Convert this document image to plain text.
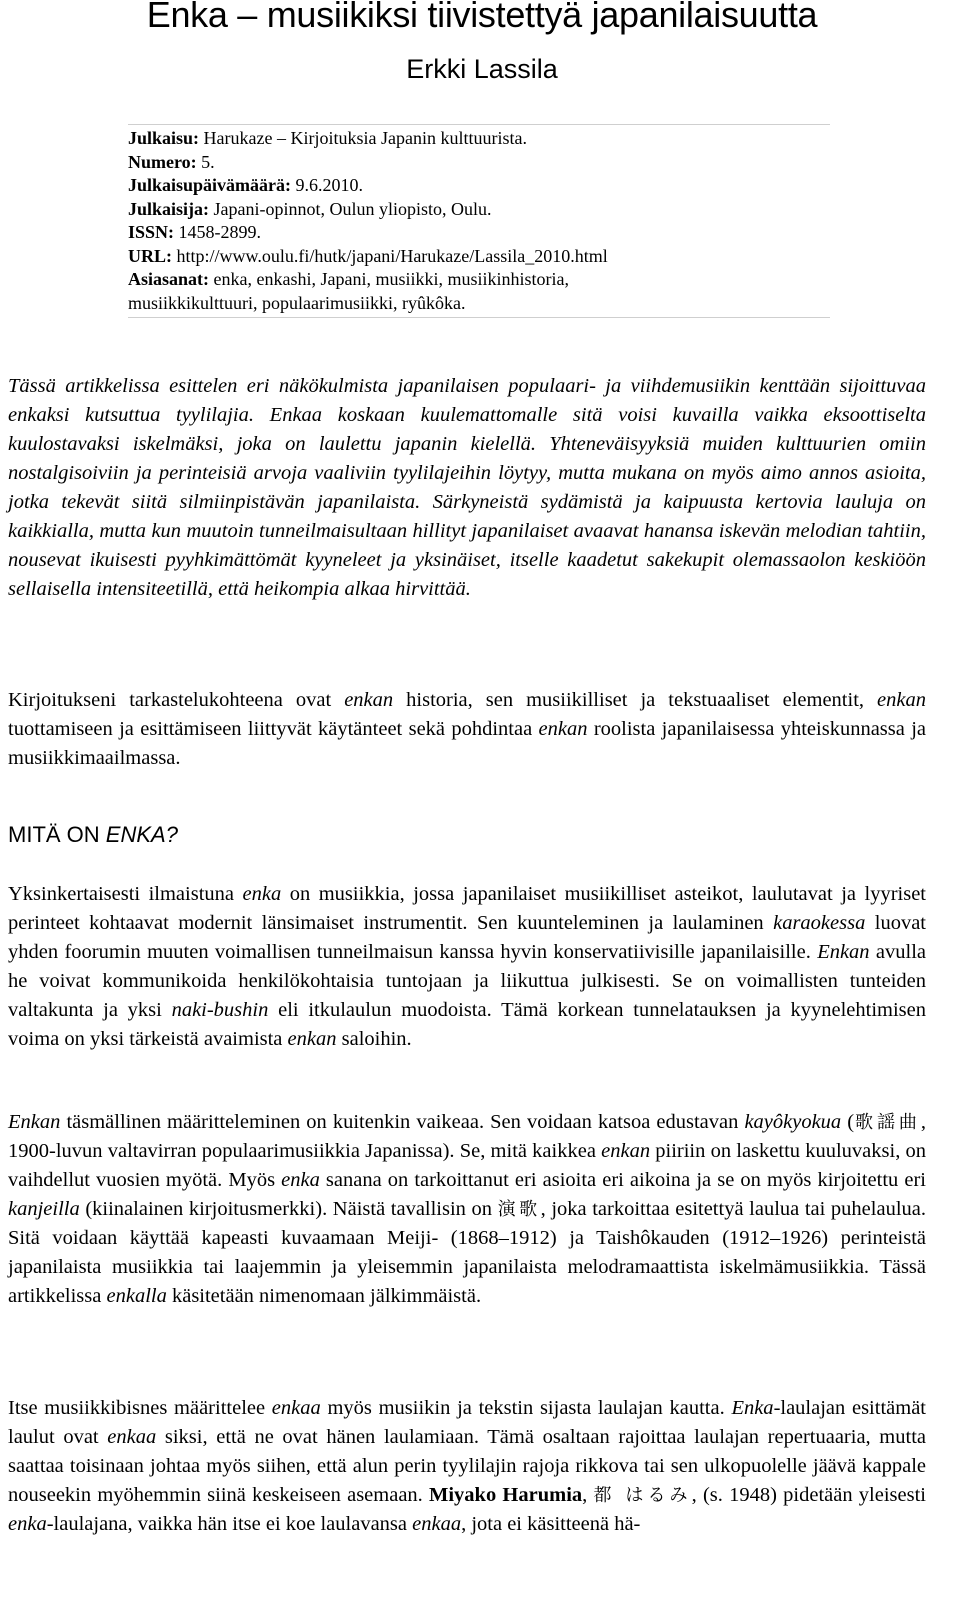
Enka – musiikiksi tiivistettyä japanilaisuutta
Erkki Lassila
Julkaisu: Harukaze – Kirjoituksia Japanin kulttuurista.
Numero: 5.
Julkaisupäivämäärä: 9.6.2010.
Julkaisija: Japani-opinnot, Oulun yliopisto, Oulu.
ISSN: 1458-2899.
URL: http://www.oulu.fi/hutk/japani/Harukaze/Lassila_2010.html
Asiasanat: enka, enkashi, Japani, musiikki, musiikinhistoria,
musiikkikulttuuri, populaarimusiikki, ryûkôka.

Tässä artikkelissa esittelen eri näkökulmista japanilaisen populaari- ja viihdemusiikin kenttään sijoittuvaa enkaksi kutsuttua tyylilajia. Enkaa koskaan kuulemattomalle sitä voisi kuvailla vaikka eksoottiselta kuulostavaksi iskelmäksi, joka on laulettu japanin kielellä. Yhteneväisyyksiä muiden kulttuurien omiin nostalgisoiviin ja perinteisiä arvoja vaaliviin tyylilajeihin löytyy, mutta mukana on myös aimo annos asioita, jotka tekevät siitä silmiinpistävän japanilaista. Särkyneistä sydämistä ja kaipuusta kertovia lauluja on kaikkialla, mutta kun muutoin tunneilmaisultaan hillityt japanilaiset avaavat hanansa iskevän melodian tahtiin, nousevat ikuisesti pyyhkimättömät kyyneleet ja yksinäiset, itselle kaadetut sakekupit olemassaolon keskiöön sellaisella intensiteetillä, että heikompia alkaa hirvittää.

Kirjoitukseni tarkastelukohteena ovat enkan historia, sen musiikilliset ja tekstuaaliset elementit, enkan tuottamiseen ja esittämiseen liittyvät käytänteet sekä pohdintaa enkan roolista japanilaisessa yhteiskunnassa ja musiikkimaailmassa.

MITÄ ON ENKA?

Yksinkertaisesti ilmaistuna enka on musiikkia, jossa japanilaiset musiikilliset asteikot, laulutavat ja lyyriset perinteet kohtaavat modernit länsimaiset instrumentit. Sen kuunteleminen ja laulaminen karaokessa luovat yhden foorumin muuten voimallisen tunneilmaisun kanssa hyvin konservatiivisille japanilaisille. Enkan avulla he voivat kommunikoida henkilökohtaisia tuntojaan ja liikuttua julkisesti. Se on voimallisten tunteiden valtakunta ja yksi naki-bushin eli itkulaulun muodoista. Tämä korkean tunnelatauksen ja kyynelehtimisen voima on yksi tärkeistä avaimista enkan saloihin.

Enkan täsmällinen määritteleminen on kuitenkin vaikeaa. Sen voidaan katsoa edustavan kayôkyokua (歌謡曲, 1900-luvun valtavirran populaarimusiikkia Japanissa). Se, mitä kaikkea enkan piiriin on laskettu kuuluvaksi, on vaihdellut vuosien myötä. Myös enka sanana on tarkoittanut eri asioita eri aikoina ja se on myös kirjoitettu eri kanjeilla (kiinalainen kirjoitusmerkki). Näistä tavallisin on 演歌, joka tarkoittaa esitettyä laulua tai puhelaulua. Sitä voidaan käyttää kapeasti kuvaamaan Meiji- (1868–1912) ja Taishôkauden (1912–1926) perinteistä japanilaista musiikkia tai laajemmin ja yleisemmin japanilaista melodramaattista iskelmämusiikkia. Tässä artikkelissa enkalla käsitetään nimenomaan jälkimmäistä.

Itse musiikkibisnes määrittelee enkaa myös musiikin ja tekstin sijasta laulajan kautta. Enka-laulajan esittämät laulut ovat enkaa siksi, että ne ovat hänen laulamiaan. Tämä osaltaan rajoittaa laulajan repertuaaria, mutta saattaa toisinaan johtaa myös siihen, että alun perin tyylilajin rajoja rikkova tai sen ulkopuolelle jäävä kappale nouseekin myöhemmin siinä keskeiseen asemaan. Miyako Harumia, 都 はるみ, (s. 1948) pidetään yleisesti enka-laulajana, vaikka hän itse ei koe laulavansa enkaa, jota ei käsitteenä hä-
